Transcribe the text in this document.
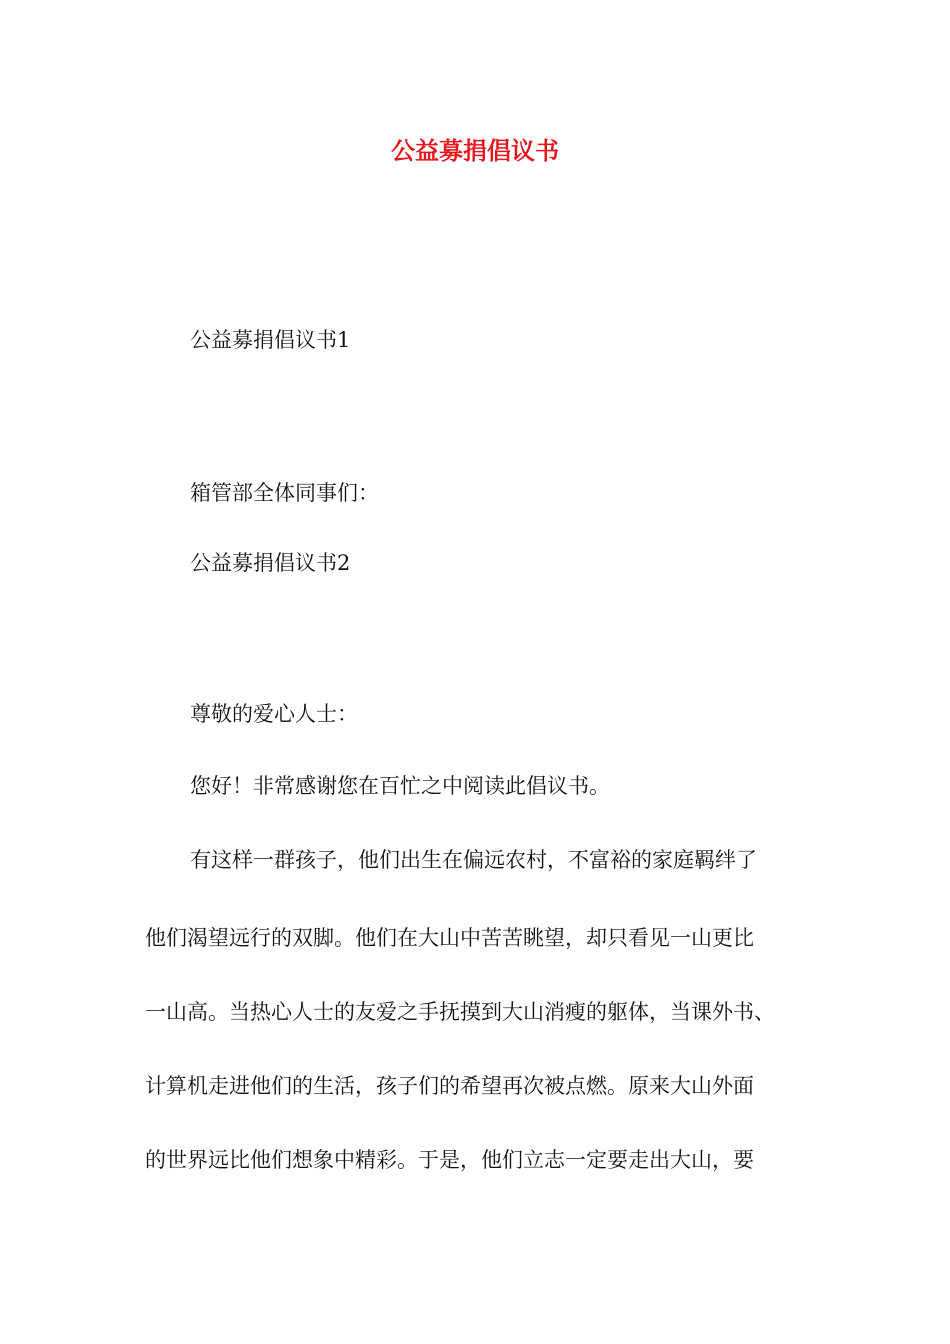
公益募捐倡议书

公益募捐倡议书1

箱管部全体同事们：

公益募捐倡议书2

尊敬的爱心人士：

您好！非常感谢您在百忙之中阅读此倡议书。

有这样一群孩子，他们出生在偏远农村，不富裕的家庭羁绊了

他们渴望远行的双脚。他们在大山中苦苦眺望，却只看见一山更比

一山高。当热心人士的友爱之手抚摸到大山消瘦的躯体，当课外书、

计算机走进他们的生活，孩子们的希望再次被点燃。原来大山外面

的世界远比他们想象中精彩。于是，他们立志一定要走出大山，要
